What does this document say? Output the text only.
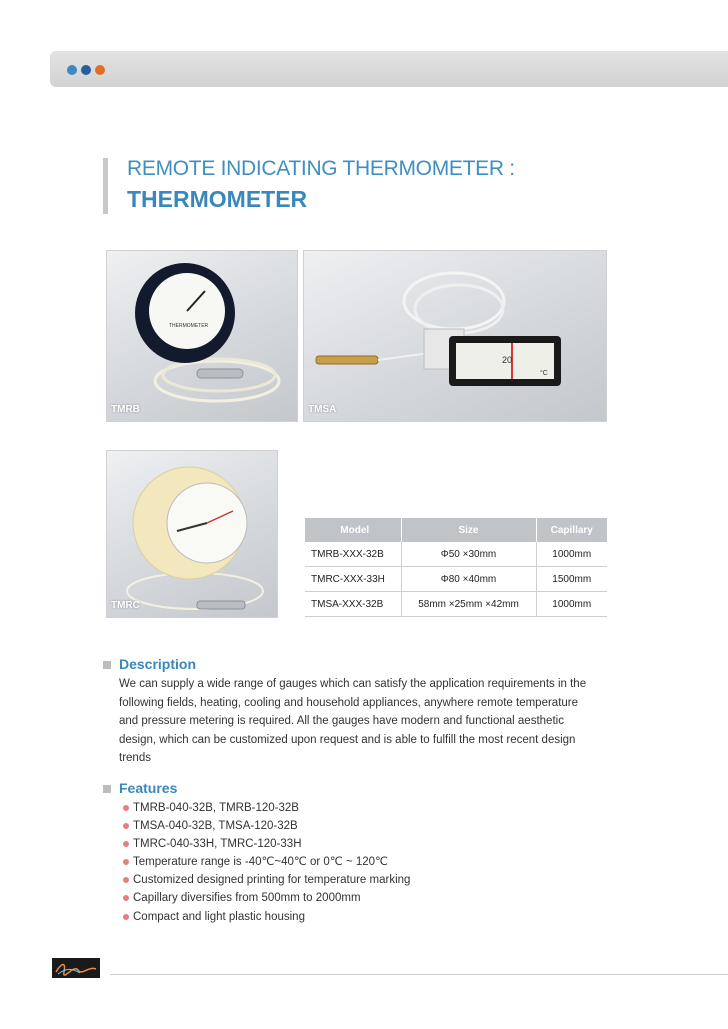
REMOTE INDICATING THERMOMETER :
THERMOMETER
THERMOMETER
TMRB
20
°C
TMSA
TMRC
Model	Size	Capillary
TMRB-XXX-32B	Φ50 ×30mm	1000mm
TMRC-XXX-33H	Φ80 ×40mm	1500mm
TMSA-XXX-32B	58mm ×25mm ×42mm	1000mm
Description
We can supply a wide range of gauges which can satisfy the application requirements in the following fields, heating, cooling and household appliances, anywhere remote temperature and pressure metering is required. All the gauges have modern and functional aesthetic design, which can be customized upon request and is able to fulfill the most recent design trends
Features
TMRB-040-32B, TMRB-120-32B
TMSA-040-32B, TMSA-120-32B
TMRC-040-33H, TMRC-120-33H
Temperature range is -40℃~40℃ or 0℃ ~ 120℃
Customized designed printing for temperature marking
Capillary diversifies from 500mm to 2000mm
Compact and light plastic housing
